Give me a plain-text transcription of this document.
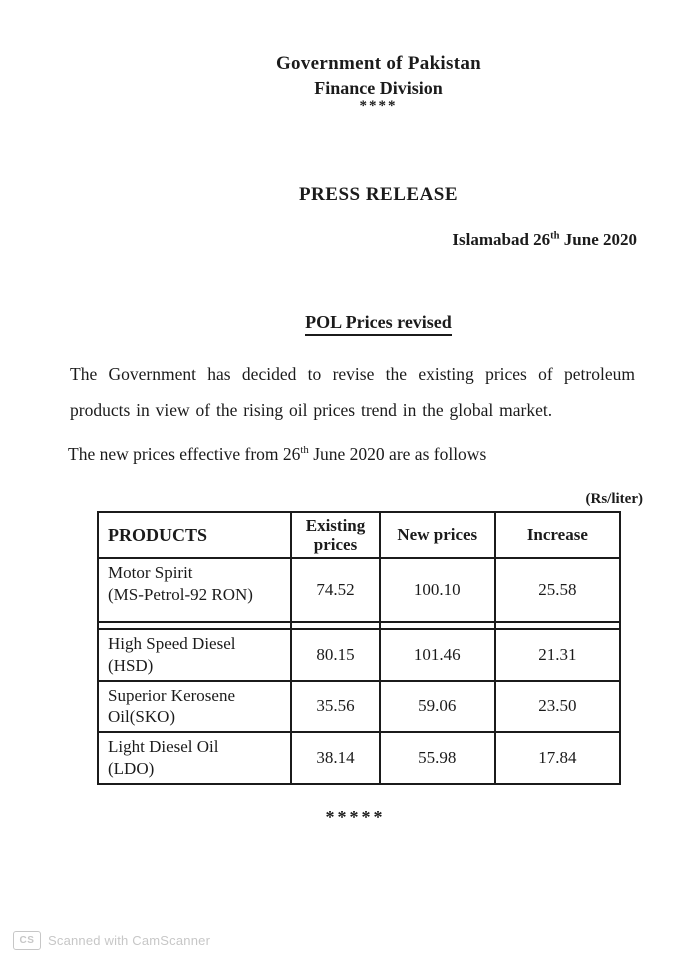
Government of Pakistan
Finance Division
****
PRESS RELEASE
Islamabad 26th June 2020
POL Prices revised

The Government has decided to revise the existing prices of petroleum
products in view of the rising oil prices trend in the global market.

The new prices effective from 26th June 2020 are as follows
(Rs/liter)
PRODUCTS	Existing prices	New prices	Increase

Motor Spirit
(MS-Petrol-92 RON)	74.52	100.10	25.58

High Speed Diesel
(HSD)	80.15	101.46	21.31

Superior Kerosene
Oil(SKO)	35.56	59.06	23.50

Light Diesel Oil
(LDO)	38.14	55.98	17.84
*****
CS	Scanned with CamScanner
